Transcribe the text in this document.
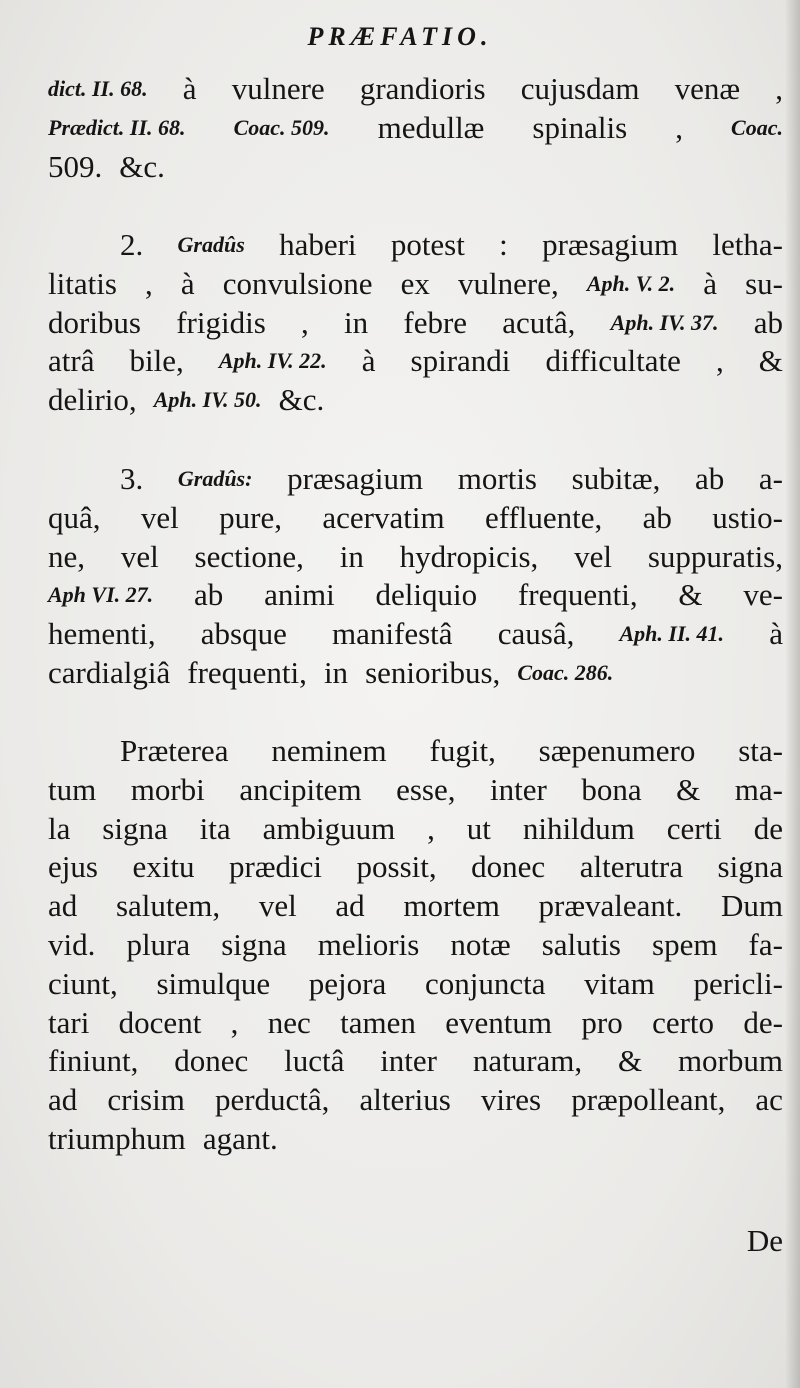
PRÆFATIO.
dict. II. 68. à vulnere grandioris cujusdam venæ ,
Prædict. II. 68. Coac. 509. medullæ spinalis , Coac.
509. &c.
2. Gradûs haberi potest : præsagium letha-
litatis , à convulsione ex vulnere, Aph. V. 2. à su-
doribus frigidis , in febre acutâ, Aph. IV. 37. ab
atrâ bile, Aph. IV. 22. à spirandi difficultate , &
delirio, Aph. IV. 50. &c.
3. Gradûs: præsagium mortis subitæ, ab a-
quâ, vel pure, acervatim effluente, ab ustio-
ne, vel sectione, in hydropicis, vel suppuratis,
Aph VI. 27. ab animi deliquio frequenti, & ve-
hementi, absque manifestâ causâ, Aph. II. 41. à
cardialgiâ frequenti, in senioribus, Coac. 286.
Præterea neminem fugit, sæpenumero sta-
tum morbi ancipitem esse, inter bona & ma-
la signa ita ambiguum , ut nihildum certi de
ejus exitu prædici possit, donec alterutra signa
ad salutem, vel ad mortem prævaleant. Dum
vid. plura signa melioris notæ salutis spem fa-
ciunt, simulque pejora conjuncta vitam pericli-
tari docent , nec tamen eventum pro certo de-
finiunt, donec luctâ inter naturam, & morbum
ad crisim perductâ, alterius vires præpolleant, ac
triumphum agant.
De
